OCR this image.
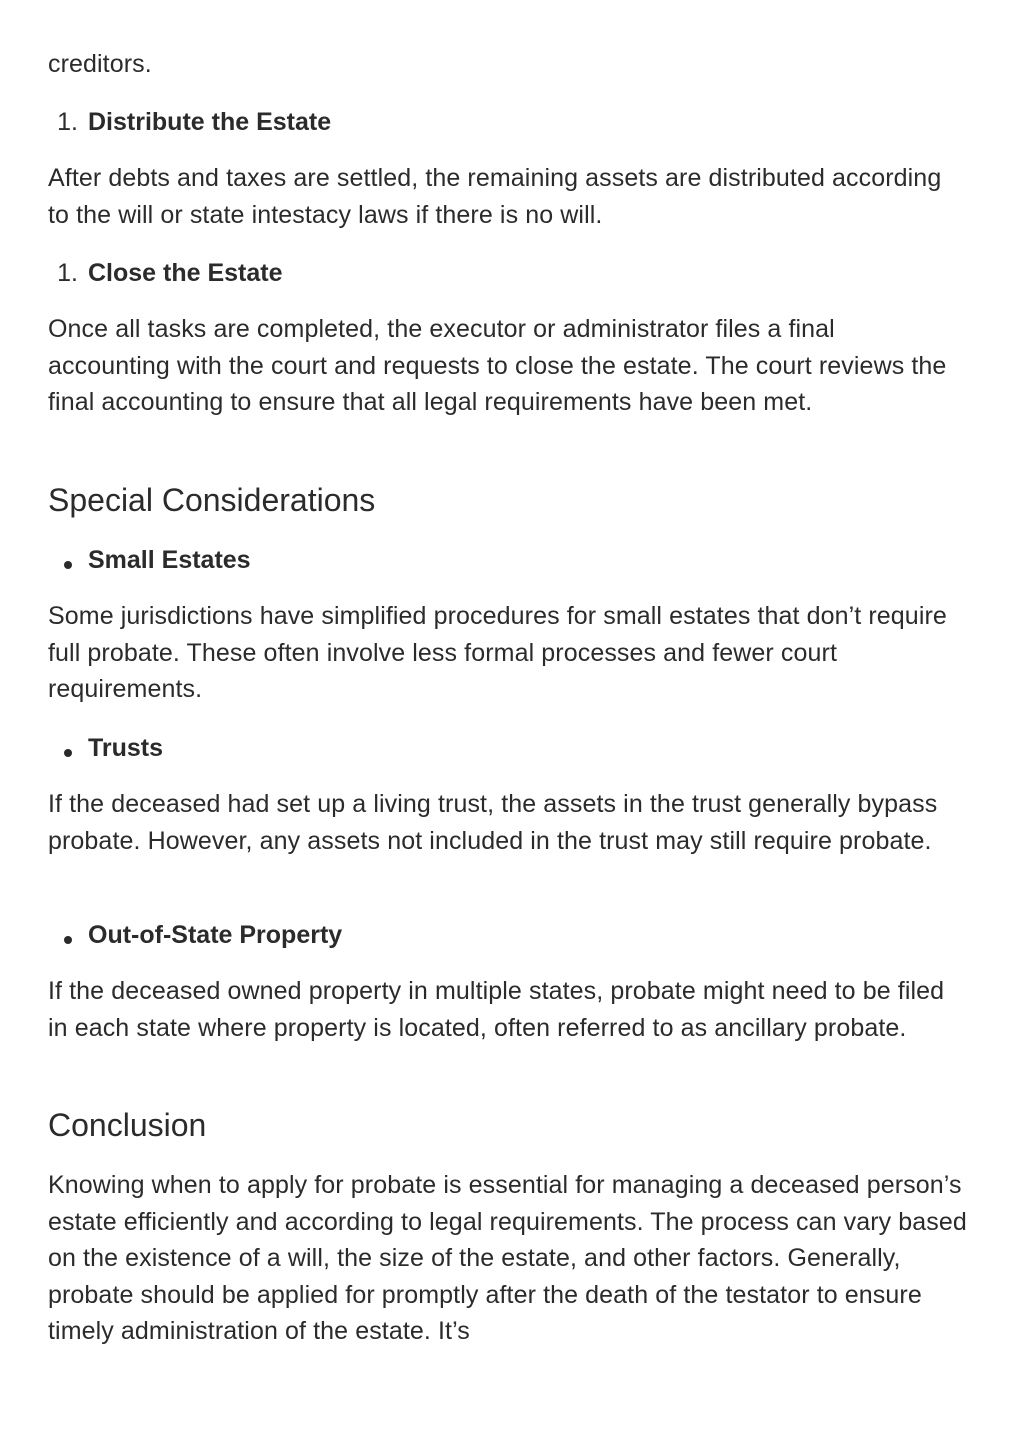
creditors.

1. Distribute the Estate

After debts and taxes are settled, the remaining assets are distributed according to the will or state intestacy laws if there is no will.

1. Close the Estate

Once all tasks are completed, the executor or administrator files a final accounting with the court and requests to close the estate. The court reviews the final accounting to ensure that all legal requirements have been met.

Special Considerations
Small Estates

Some jurisdictions have simplified procedures for small estates that don’t require full probate. These often involve less formal processes and fewer court requirements.

Trusts

If the deceased had set up a living trust, the assets in the trust generally bypass probate. However, any assets not included in the trust may still require probate.

Out-of-State Property

If the deceased owned property in multiple states, probate might need to be filed in each state where property is located, often referred to as ancillary probate.

Conclusion

Knowing when to apply for probate is essential for managing a deceased person’s estate efficiently and according to legal requirements. The process can vary based on the existence of a will, the size of the estate, and other factors. Generally, probate should be applied for promptly after the death of the testator to ensure timely administration of the estate. It’s
